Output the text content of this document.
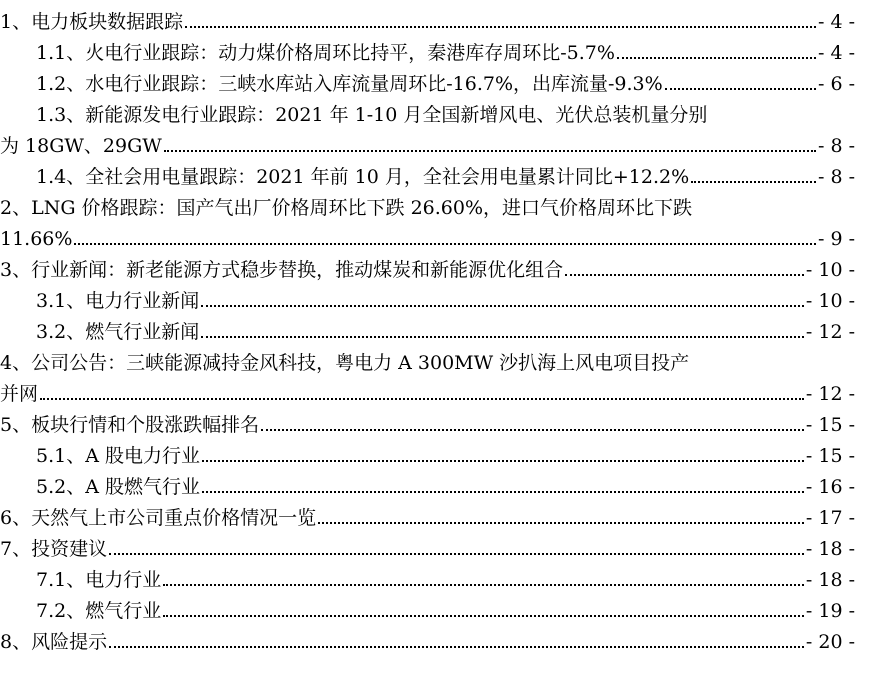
1、电力板块数据跟踪	- 4 -
1.1、火电行业跟踪：动力煤价格周环比持平，秦港库存周环比-5.7%	- 4 -
1.2、水电行业跟踪：三峡水库站入库流量周环比-16.7%，出库流量-9.3%	- 6 -
1.3、新能源发电行业跟踪：2021 年 1-10 月全国新增风电、光伏总装机量分别
为 18GW、29GW	- 8 -
1.4、全社会用电量跟踪：2021 年前 10 月，全社会用电量累计同比+12.2%	- 8 -
2、LNG 价格跟踪：国产气出厂价格周环比下跌 26.60%，进口气价格周环比下跌
11.66%	- 9 -
3、行业新闻：新老能源方式稳步替换，推动煤炭和新能源优化组合	- 10 -
3.1、电力行业新闻	- 10 -
3.2、燃气行业新闻	- 12 -
4、公司公告：三峡能源减持金风科技，粤电力 A 300MW 沙扒海上风电项目投产
并网	- 12 -
5、板块行情和个股涨跌幅排名	- 15 -
5.1、A 股电力行业	- 15 -
5.2、A 股燃气行业	- 16 -
6、天然气上市公司重点价格情况一览	- 17 -
7、投资建议	- 18 -
7.1、电力行业	- 18 -
7.2、燃气行业	- 19 -
8、风险提示	- 20 -
